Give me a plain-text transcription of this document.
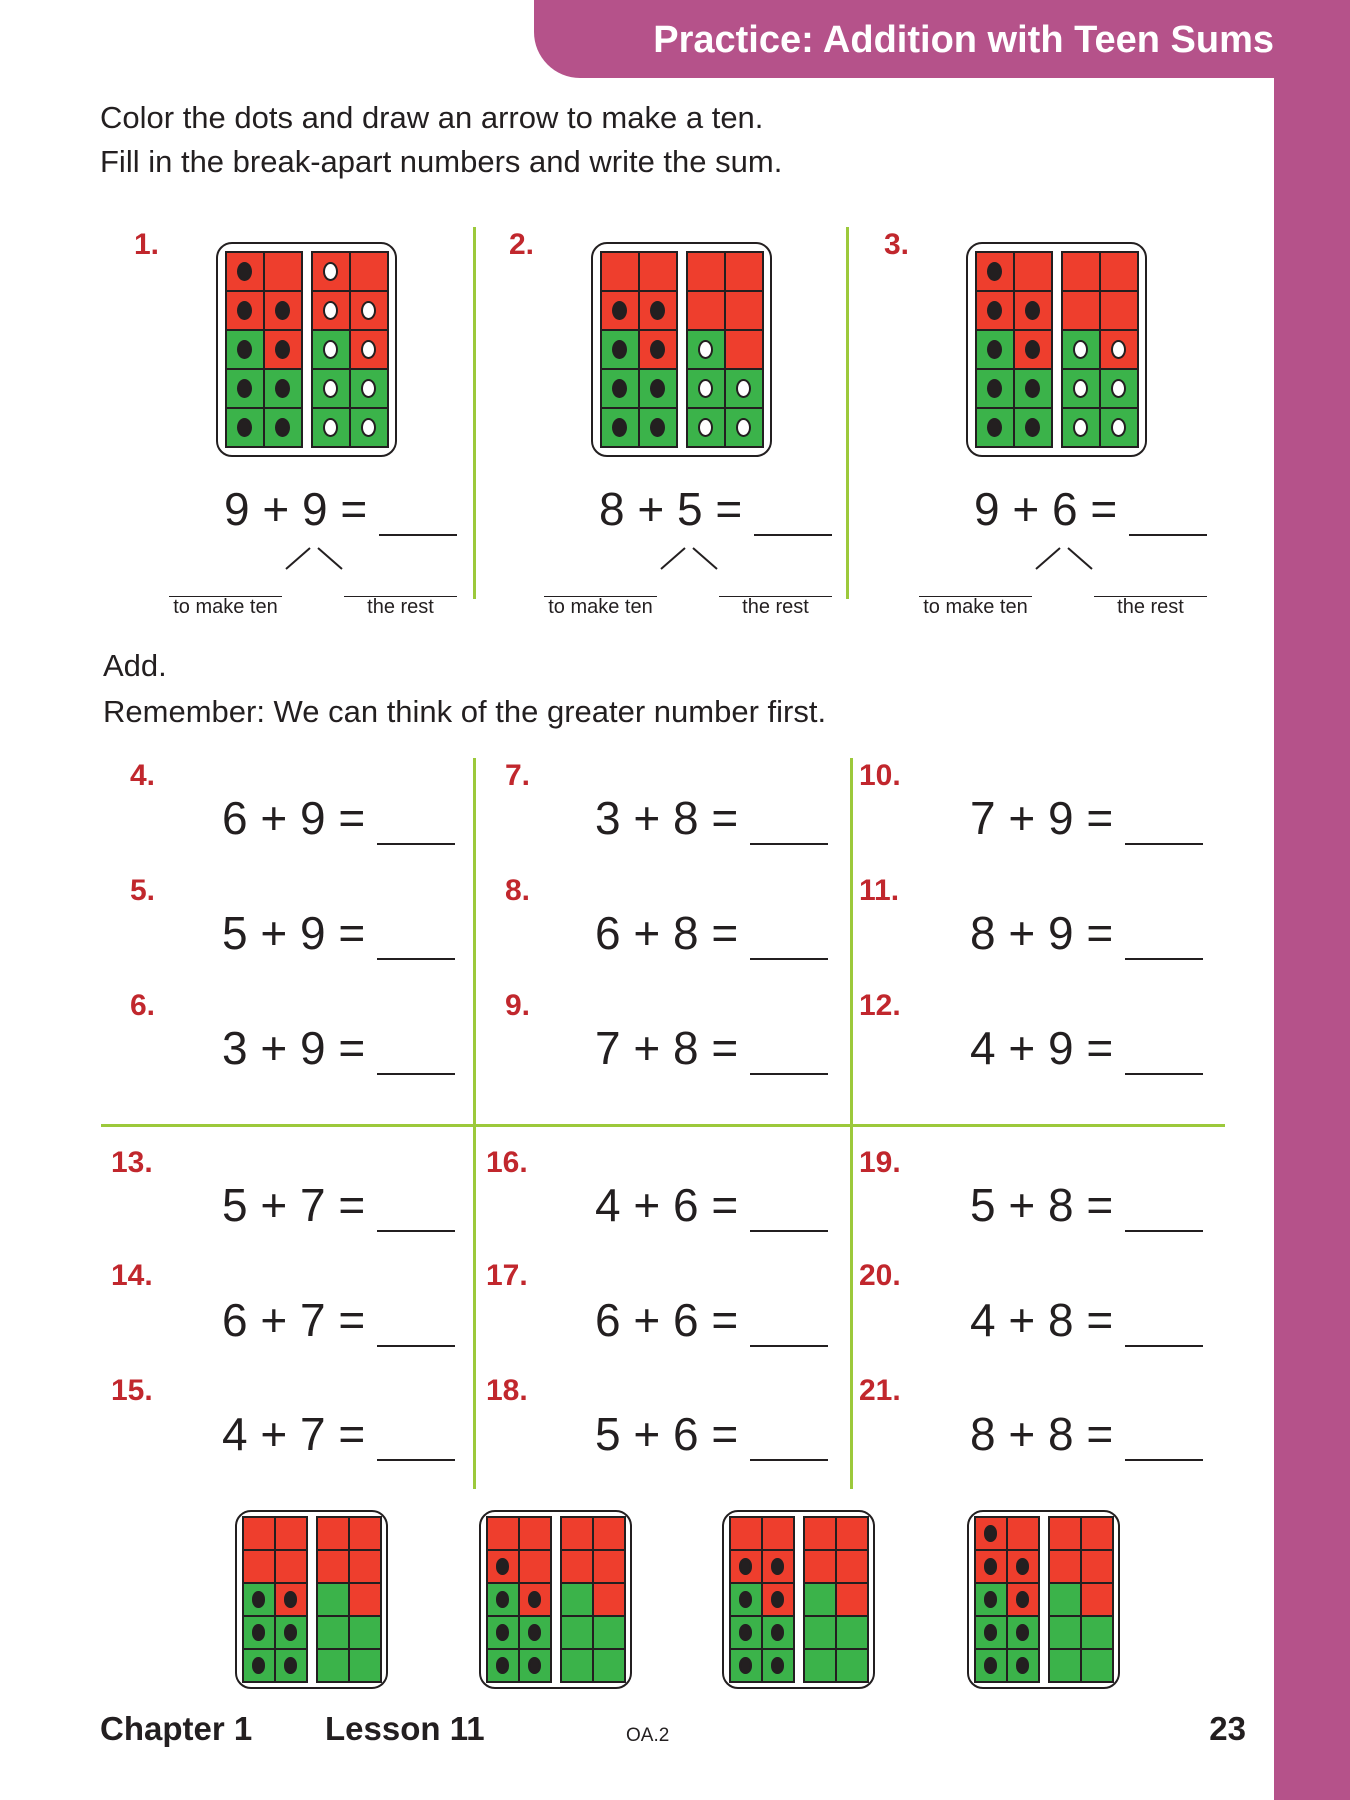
Practice: Addition with Teen Sums
Color the dots and draw an arrow to make a ten.
Fill in the break-apart numbers and write the sum.
1.
9 + 9 =
to make ten	the rest
2.
8 + 5 =
to make ten	the rest
3.
9 + 6 =
to make ten	the rest
Add.
Remember: We can think of the greater number first.
4.
6 + 9 =
5.
5 + 9 =
6.
3 + 9 =
7.
3 + 8 =
8.
6 + 8 =
9.
7 + 8 =
10.
7 + 9 =
11.
8 + 9 =
12.
4 + 9 =
13.
5 + 7 =
14.
6 + 7 =
15.
4 + 7 =
16.
4 + 6 =
17.
6 + 6 =
18.
5 + 6 =
19.
5 + 8 =
20.
4 + 8 =
21.
8 + 8 =
Chapter 1 Lesson 11	OA.2	23
